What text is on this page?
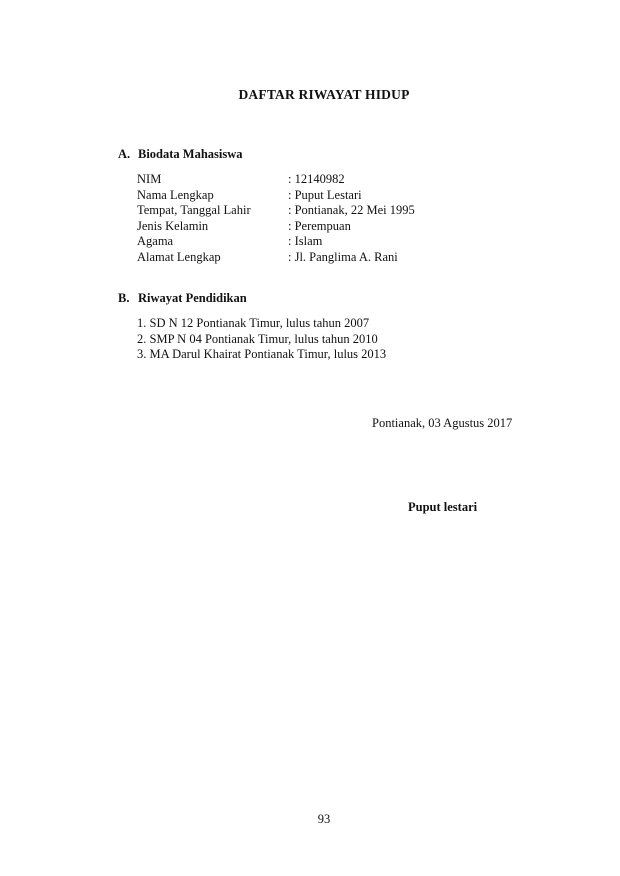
DAFTAR RIWAYAT HIDUP
A. Biodata Mahasiswa
NIM	: 12140982
Nama Lengkap	: Puput Lestari
Tempat, Tanggal Lahir	: Pontianak, 22 Mei 1995
Jenis Kelamin	: Perempuan
Agama	: Islam
Alamat Lengkap	: Jl. Panglima A. Rani
B. Riwayat Pendidikan
1. SD N 12 Pontianak Timur, lulus tahun 2007
2. SMP N 04 Pontianak Timur, lulus tahun 2010
3. MA Darul Khairat Pontianak Timur, lulus 2013
Pontianak, 03 Agustus 2017
Puput lestari
93
